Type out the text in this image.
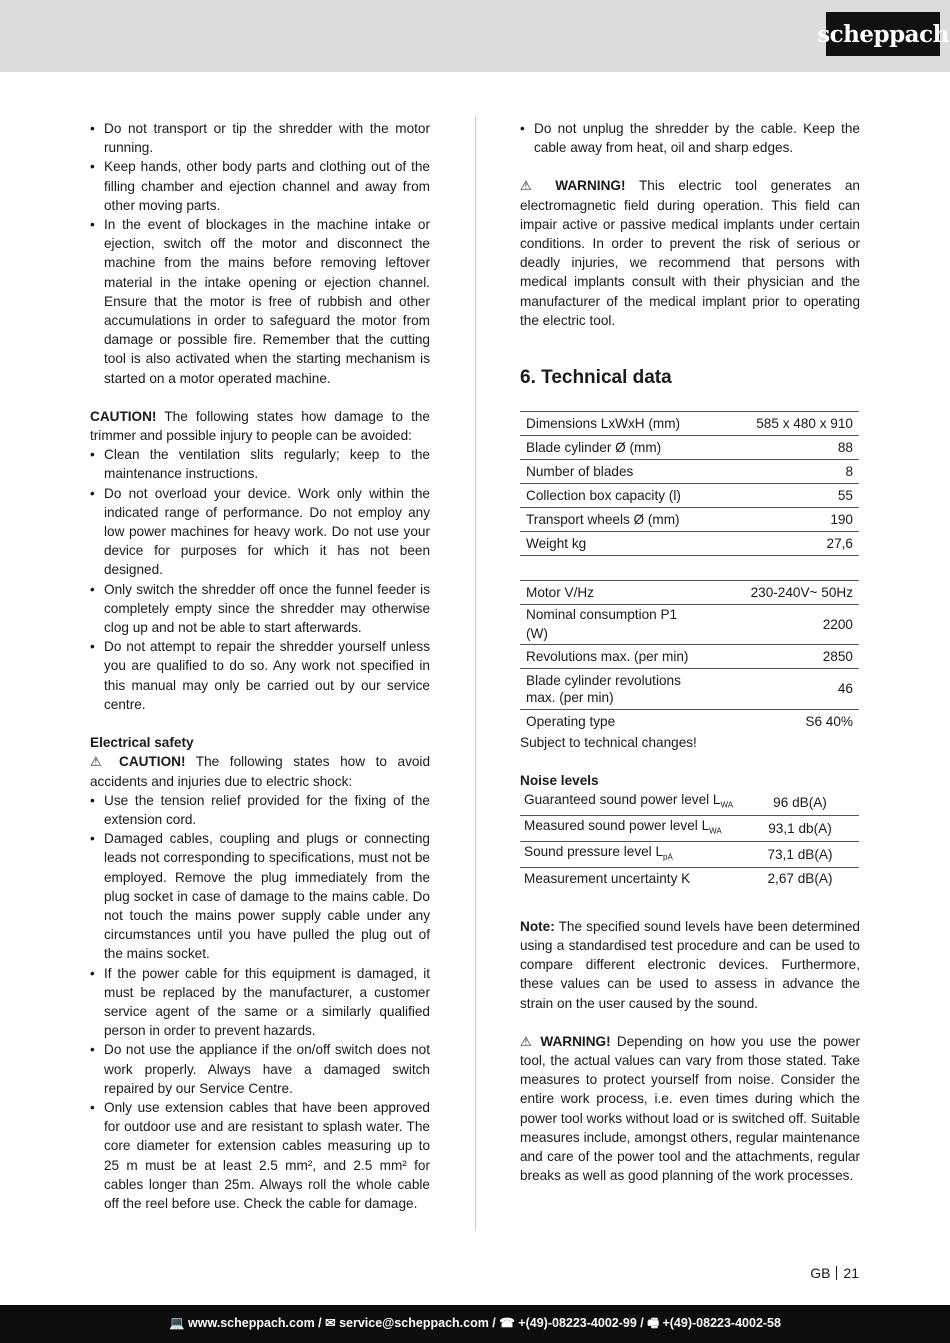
scheppach
• Do not transport or tip the shredder with the motor running.
• Keep hands, other body parts and clothing out of the filling chamber and ejection channel and away from other moving parts.
• In the event of blockages in the machine intake or ejection, switch off the motor and disconnect the machine from the mains before removing leftover material in the intake opening or ejection channel. Ensure that the motor is free of rubbish and other accumulations in order to safeguard the motor from damage or possible fire. Remember that the cutting tool is also activated when the starting mechanism is started on a motor operated machine.

CAUTION! The following states how damage to the trimmer and possible injury to people can be avoided:

• Clean the ventilation slits regularly; keep to the maintenance instructions.
• Do not overload your device. Work only within the indicated range of performance. Do not employ any low power machines for heavy work. Do not use your device for purposes for which it has not been designed.
• Only switch the shredder off once the funnel feeder is completely empty since the shredder may otherwise clog up and not be able to start afterwards.
• Do not attempt to repair the shredder yourself unless you are qualified to do so. Any work not specified in this manual may only be carried out by our service centre.

Electrical safety

⚠ CAUTION! The following states how to avoid accidents and injuries due to electric shock:

• Use the tension relief provided for the fixing of the extension cord.
• Damaged cables, coupling and plugs or connecting leads not corresponding to specifications, must not be employed. Remove the plug immediately from the plug socket in case of damage to the mains cable. Do not touch the mains power supply cable under any circumstances until you have pulled the plug out of the mains socket.
• If the power cable for this equipment is damaged, it must be replaced by the manufacturer, a customer service agent of the same or a similarly qualified person in order to prevent hazards.
• Do not use the appliance if the on/off switch does not work properly. Always have a damaged switch repaired by our Service Centre.
• Only use extension cables that have been approved for outdoor use and are resistant to splash water. The core diameter for extension cables measuring up to 25 m must be at least 2.5 mm², and 2.5 mm² for cables longer than 25m. Always roll the whole cable off the reel before use. Check the cable for damage.
• Do not unplug the shredder by the cable. Keep the cable away from heat, oil and sharp edges.

⚠ WARNING! This electric tool generates an electromagnetic field during operation. This field can impair active or passive medical implants under certain conditions. In order to prevent the risk of serious or deadly injuries, we recommend that persons with medical implants consult with their physician and the manufacturer of the medical implant prior to operating the electric tool.

6. Technical data
Dimensions LxWxH (mm)	585 x 480 x 910
Blade cylinder Ø (mm)	88
Number of blades	8
Collection box capacity (l)	55
Transport wheels Ø (mm)	190
Weight kg	27,6
Motor V/Hz	230-240V~ 50Hz
Nominal consumption P1 (W)	2200
Revolutions max. (per min)	2850
Blade cylinder revolutions max. (per min)	46
Operating type	S6 40%

Subject to technical changes!

Noise levels

Guaranteed sound power level $L_{WA}$	96 dB(A)
Measured sound power level $L_{WA}$	93,1 db(A)
Sound pressure level $L_{pA}$	73,1 dB(A)
Measurement uncertainty K	2,67 dB(A)

Note: The specified sound levels have been determined using a standardised test procedure and can be used to compare different electronic devices. Furthermore, these values can be used to assess in advance the strain on the user caused by the sound.

⚠ WARNING! Depending on how you use the power tool, the actual values can vary from those stated. Take measures to protect yourself from noise. Consider the entire work process, i.e. even times during which the power tool works without load or is switched off. Suitable measures include, amongst others, regular maintenance and care of the power tool and the attachments, regular breaks as well as good planning of the work processes.

GB 21
💻 www.scheppach.com / ✉ service@scheppach.com / ☎ +(49)-08223-4002-99 / 🖷 +(49)-08223-4002-58
